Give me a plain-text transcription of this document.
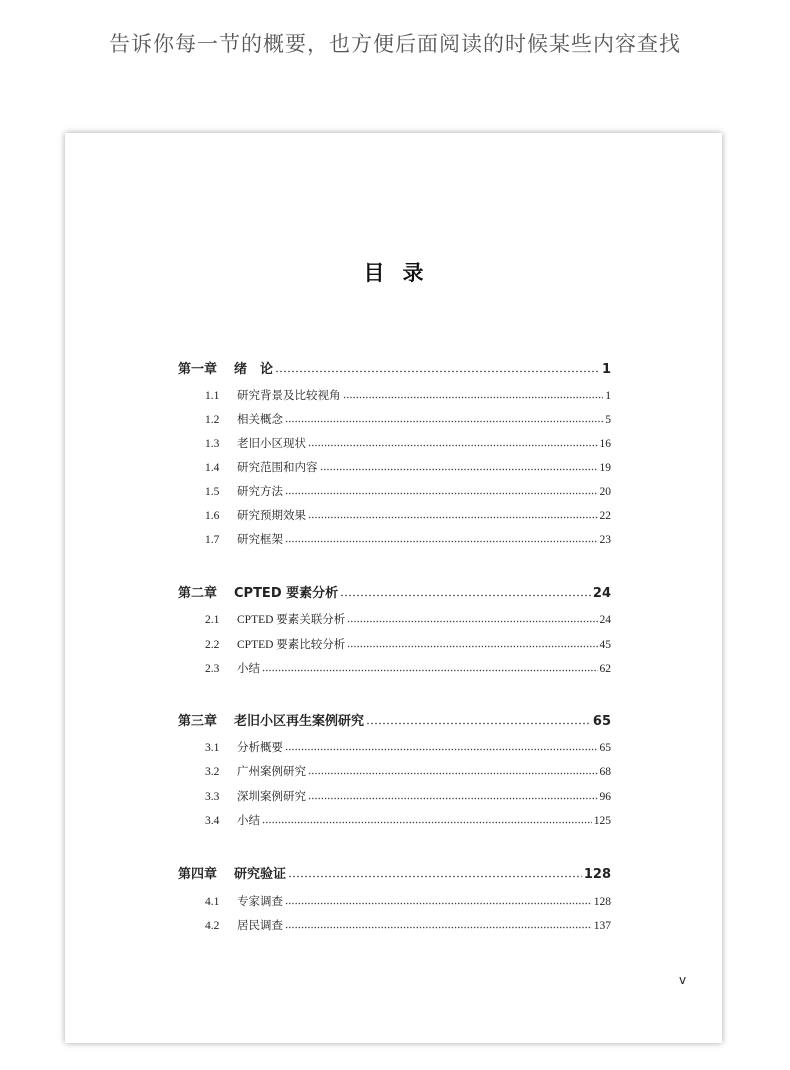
告诉你每一节的概要，也方便后面阅读的时候某些内容查找
目录
第一章	绪　论	1
1.1	研究背景及比较视角	1
1.2	相关概念	5
1.3	老旧小区现状	16
1.4	研究范围和内容	19
1.5	研究方法	20
1.6	研究预期效果	22
1.7	研究框架	23
第二章	CPTED 要素分析	24
2.1	CPTED 要素关联分析	24
2.2	CPTED 要素比较分析	45
2.3	小结	62
第三章	老旧小区再生案例研究	65
3.1	分析概要	65
3.2	广州案例研究	68
3.3	深圳案例研究	96
3.4	小结	125
第四章	研究验证	128
4.1	专家调查	128
4.2	居民调查	137
v
